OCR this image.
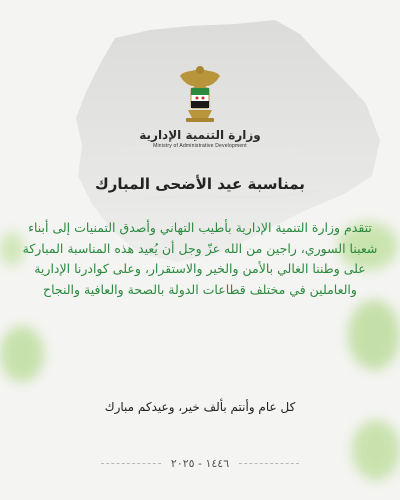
وزارة التنمية الإدارية
Ministry of Administrative Development
بمناسبة عيد الأضحى المبارك
تتقدم وزارة التنمية الإدارية بأطيب التهاني وأصدق التمنيات إلى أبناء شعبنا السوري، راجين من الله عزّ وجل أن يُعيد هذه المناسبة المباركة على وطننا الغالي بالأمن والخير والاستقرار، وعلى كوادرنا الإدارية والعاملين في مختلف قطاعات الدولة بالصحة والعافية والنجاح
كل عام وأنتم بألف خير، وعيدكم مبارك
١٤٤٦ - ٢٠٢٥
